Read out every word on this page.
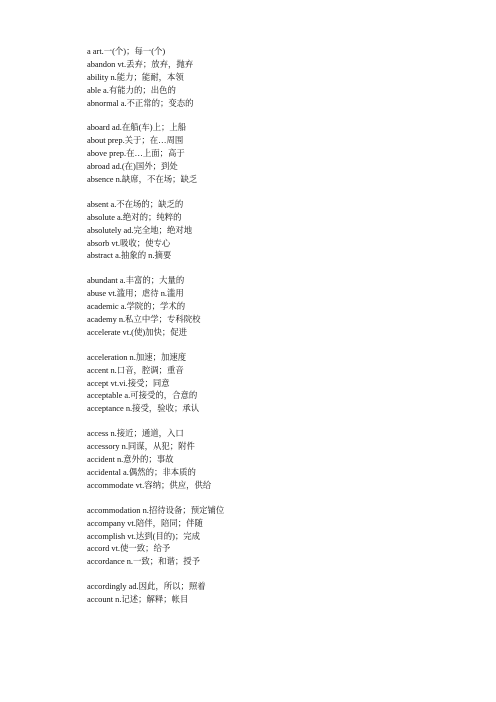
a art.一(个)；每一(个)
abandon vt.丢弃；放弃，抛弃
ability n.能力；能耐，本领
able a.有能力的；出色的
abnormal a.不正常的；变态的
aboard ad.在船(车)上；上船
about prep.关于；在…周围
above prep.在…上面；高于
abroad ad.(在)国外；到处
absence n.缺席，不在场；缺乏
absent a.不在场的；缺乏的
absolute a.绝对的；纯粹的
absolutely ad.完全地；绝对地
absorb vt.吸收；使专心
abstract a.抽象的 n.摘要
abundant a.丰富的；大量的
abuse vt.滥用；虐待 n.滥用
academic a.学院的；学术的
academy n.私立中学；专科院校
accelerate vt.(使)加快；促进
acceleration n.加速；加速度
accent n.口音，腔调；重音
accept vt.vi.接受；同意
acceptable a.可接受的，合意的
acceptance n.接受，验收；承认
access n.接近；通道，入口
accessory n.同谋，从犯；附件
accident n.意外的；事故
accidental a.偶然的；非本质的
accommodate vt.容纳；供应，供给
accommodation n.招待设备；预定铺位
accompany vt.陪伴，陪同；伴随
accomplish vt.达到(目的)；完成
accord vt.使一致；给予
accordance n.一致；和谐；授予
accordingly ad.因此，所以；照着
account n.记述；解释；帐目
